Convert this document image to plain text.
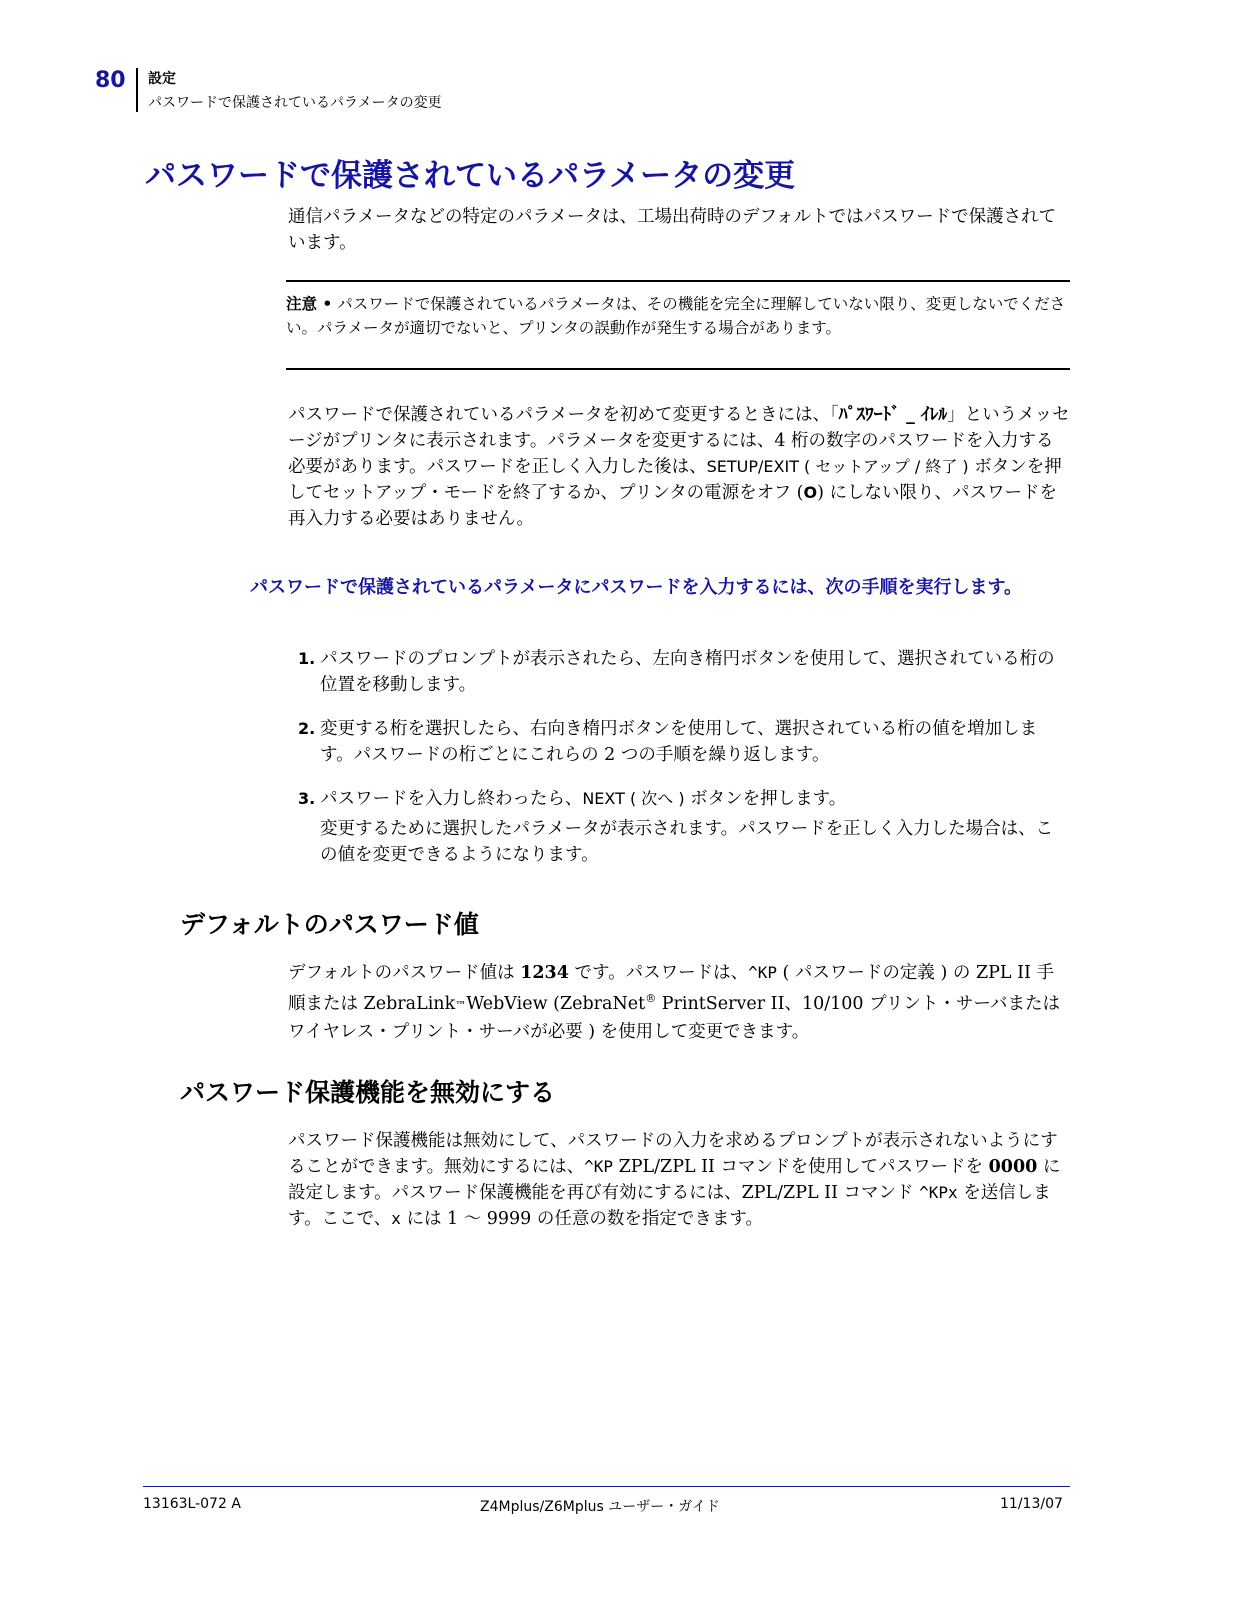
80 設定
パスワードで保護されているパラメータの変更
パスワードで保護されているパラメータの変更

通信パラメータなどの特定のパラメータは、工場出荷時のデフォルトではパスワードで保護されています。

注意 • パスワードで保護されているパラメータは、その機能を完全に理解していない限り、変更しないでください。パラメータが適切でないと、プリンタの誤動作が発生する場合があります。

パスワードで保護されているパラメータを初めて変更するときには、「ﾊﾟｽﾜｰﾄﾞ _ ｲﾚﾙ」というメッセージがプリンタに表示されます。パラメータを変更するには、4 桁の数字のパスワードを入力する必要があります。パスワードを正しく入力した後は、SETUP/EXIT ( セットアップ / 終了 ) ボタンを押してセットアップ・モードを終了するか、プリンタの電源をオフ (O) にしない限り、パスワードを再入力する必要はありません。

パスワードで保護されているパラメータにパスワードを入力するには、次の手順を実行します。
1. パスワードのプロンプトが表示されたら、左向き楕円ボタンを使用して、選択されている桁の位置を移動します。
2. 変更する桁を選択したら、右向き楕円ボタンを使用して、選択されている桁の値を増加します。パスワードの桁ごとにこれらの 2 つの手順を繰り返します。
3. パスワードを入力し終わったら、NEXT ( 次へ ) ボタンを押します。
変更するために選択したパラメータが表示されます。パスワードを正しく入力した場合は、この値を変更できるようになります。
デフォルトのパスワード値

デフォルトのパスワード値は 1234 です。パスワードは、^KP ( パスワードの定義 ) の ZPL II 手順または ZebraLink™WebView (ZebraNet® PrintServer II、10/100 プリント・サーバまたはワイヤレス・プリント・サーバが必要 ) を使用して変更できます。

パスワード保護機能を無効にする

パスワード保護機能は無効にして、パスワードの入力を求めるプロンプトが表示されないようにすることができます。無効にするには、^KP ZPL/ZPL II コマンドを使用してパスワードを 0000 に設定します。パスワード保護機能を再び有効にするには、ZPL/ZPL II コマンド ^KPx を送信します。ここで、x には 1 〜 9999 の任意の数を指定できます。

13163L-072 A	Z4Mplus/Z6Mplus ユーザー・ガイド	11/13/07
